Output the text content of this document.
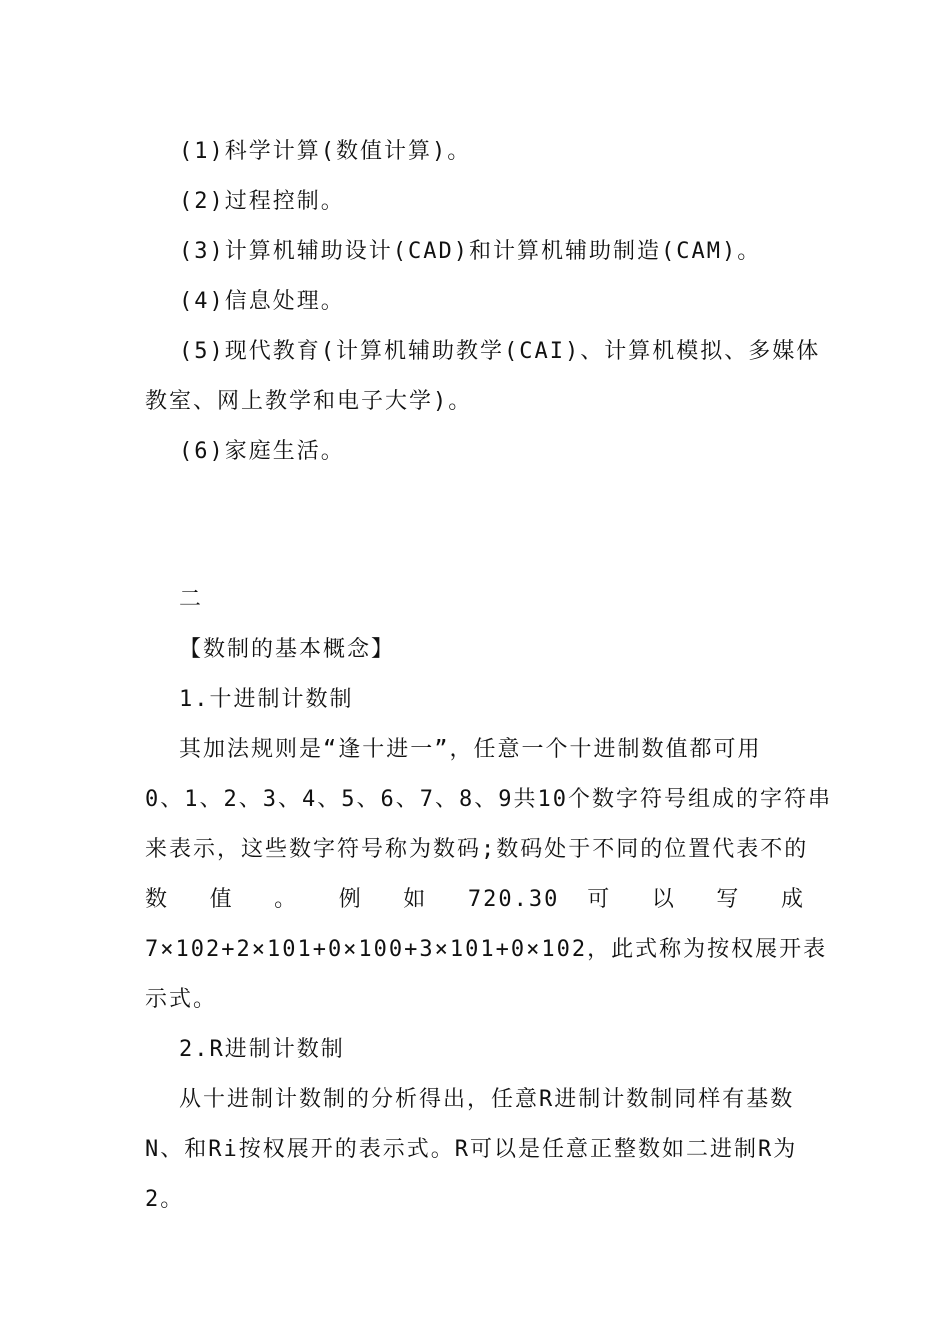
(1)科学计算(数值计算)。

(2)过程控制。

(3)计算机辅助设计(CAD)和计算机辅助制造(CAM)。

(4)信息处理。

(5)现代教育(计算机辅助教学(CAI)、计算机模拟、多媒体

教室、网上教学和电子大学)。

(6)家庭生活。

二

【数制的基本概念】

1.十进制计数制

其加法规则是“逢十进一”，任意一个十进制数值都可用

0、1、2、3、4、5、6、7、8、9共10个数字符号组成的字符串

来表示，这些数字符号称为数码;数码处于不同的位置代表不的

数 值 。 例 如 720.30 可 以 写 成

7×102+2×101+0×100+3×101+0×102，此式称为按权展开表

示式。

2.R进制计数制

从十进制计数制的分析得出，任意R进制计数制同样有基数

N、和Ri按权展开的表示式。R可以是任意正整数如二进制R为

2。
